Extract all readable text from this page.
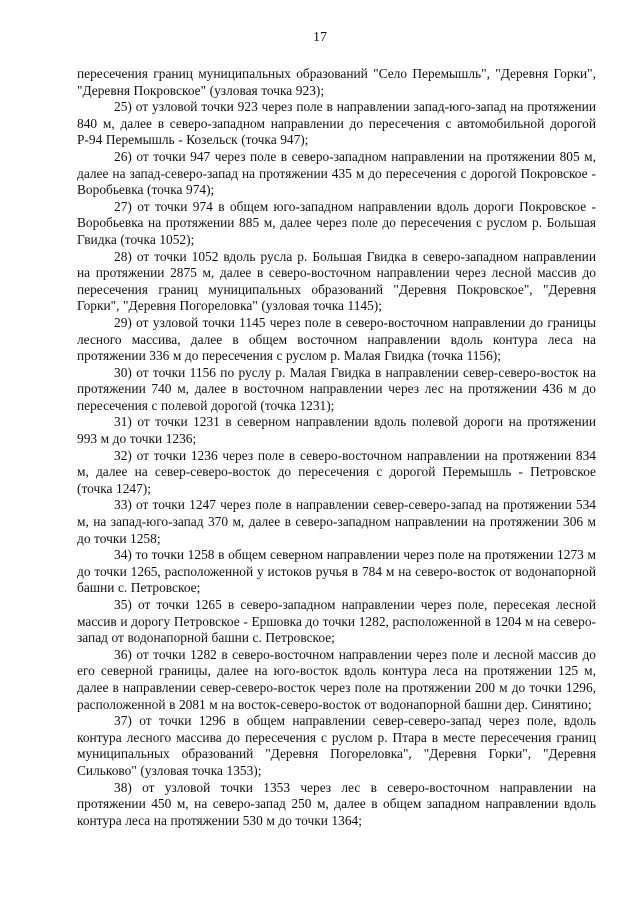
17

пересечения границ муниципальных образований "Село Перемышль", "Деревня Горки", "Деревня Покровское" (узловая точка 923);

25) от узловой точки 923 через поле в направлении запад-юго-запад на протяжении 840 м, далее в северо-западном направлении до пересечения с автомобильной дорогой Р-94 Перемышль - Козельск (точка 947);

26) от точки 947 через поле в северо-западном направлении на протяжении 805 м, далее на запад-северо-запад на протяжении 435 м до пересечения с дорогой Покровское - Воробьевка (точка 974);

27) от точки 974 в общем юго-западном направлении вдоль дороги Покровское - Воробьевка на протяжении 885 м, далее через поле до пересечения с руслом р. Большая Гвидка (точка 1052);

28) от точки 1052 вдоль русла р. Большая Гвидка в северо-западном направлении на протяжении 2875 м, далее в северо-восточном направлении через лесной массив до пересечения границ муниципальных образований "Деревня Покровское", "Деревня Горки", "Деревня Погореловка" (узловая точка 1145);

29) от узловой точки 1145 через поле в северо-восточном направлении до границы лесного массива, далее в общем восточном направлении вдоль контура леса на протяжении 336 м до пересечения с руслом р. Малая Гвидка (точка 1156);

30) от точки 1156 по руслу р. Малая Гвидка в направлении север-северо-восток на протяжении 740 м, далее в восточном направлении через лес на протяжении 436 м до пересечения с полевой дорогой (точка 1231);

31) от точки 1231 в северном направлении вдоль полевой дороги на протяжении 993 м до точки 1236;

32) от точки 1236 через поле в северо-восточном направлении на протяжении 834 м, далее на север-северо-восток до пересечения с дорогой Перемышль - Петровское (точка 1247);

33) от точки 1247 через поле в направлении север-северо-запад на протяжении 534 м, на запад-юго-запад 370 м, далее в северо-западном направлении на протяжении 306 м до точки 1258;

34) то точки 1258 в общем северном направлении через поле на протяжении 1273 м до точки 1265, расположенной у истоков ручья в 784 м на северо-восток от водонапорной башни с. Петровское;

35) от точки 1265 в северо-западном направлении через поле, пересекая лесной массив и дорогу Петровское - Ершовка до точки 1282, расположенной в 1204 м на северо-запад от водонапорной башни с. Петровское;

36) от точки 1282 в северо-восточном направлении через поле и лесной массив до его северной границы, далее на юго-восток вдоль контура леса на протяжении 125 м, далее в направлении север-северо-восток через поле на протяжении 200 м до точки 1296, расположенной в 2081 м на восток-северо-восток от водонапорной башни дер. Синятино;

37) от точки 1296 в общем направлении север-северо-запад через поле, вдоль контура лесного массива до пересечения с руслом р. Птара в месте пересечения границ муниципальных образований "Деревня Погореловка", "Деревня Горки", "Деревня Сильково" (узловая точка 1353);

38) от узловой точки 1353 через лес в северо-восточном направлении на протяжении 450 м, на северо-запад 250 м, далее в общем западном направлении вдоль контура леса на протяжении 530 м до точки 1364;
